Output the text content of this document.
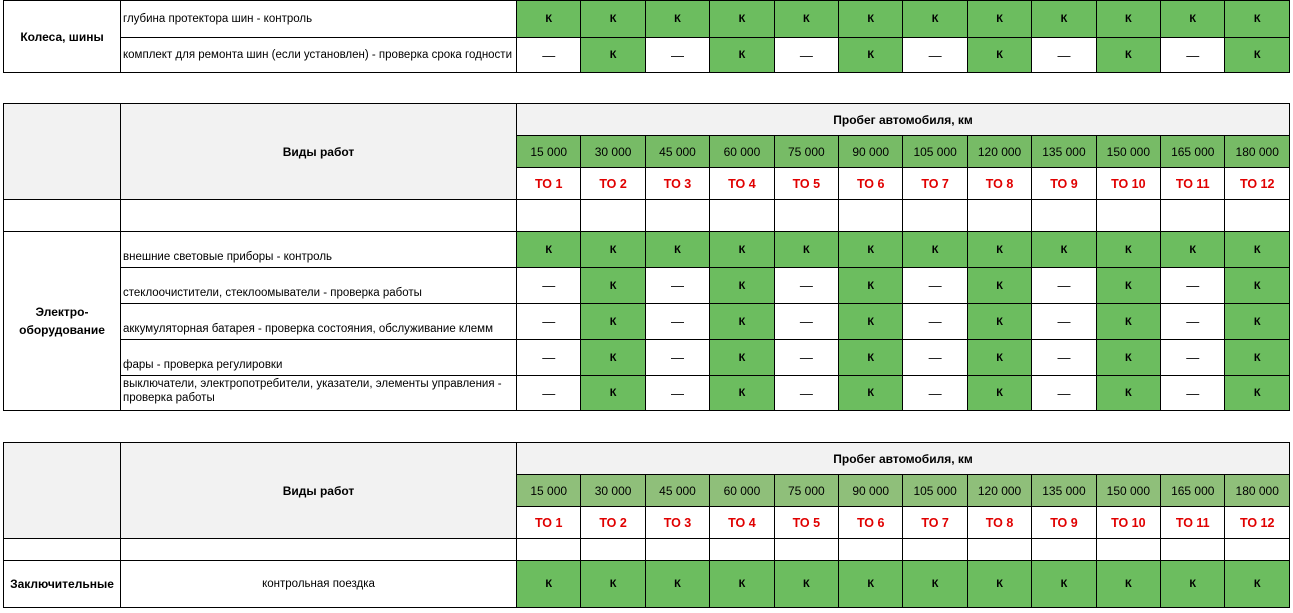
Колеса, шины	глубина протектора шин - контроль	К	К	К	К	К	К	К	К	К	К	К	К
	комплект для ремонта шин (если установлен) - проверка срока годности	—	К	—	К	—	К	—	К	—	К	—	К
	Виды работ	Пробег автомобиля, км											
		15 000	30 000	45 000	60 000	75 000	90 000	105 000	120 000	135 000	150 000	165 000	180 000
		ТО 1	ТО 2	ТО 3	ТО 4	ТО 5	ТО 6	ТО 7	ТО 8	ТО 9	ТО 10	ТО 11	ТО 12

Электро-
оборудование	внешние световые приборы - контроль	К	К	К	К	К	К	К	К	К	К	К	К
	стеклоочистители, стеклоомыватели - проверка работы	—	К	—	К	—	К	—	К	—	К	—	К
	аккумуляторная батарея - проверка состояния, обслуживание клемм	—	К	—	К	—	К	—	К	—	К	—	К
	фары - проверка регулировки	—	К	—	К	—	К	—	К	—	К	—	К
	выключатели, электропотребители, указатели, элементы управления - проверка работы	—	К	—	К	—	К	—	К	—	К	—	К
	Виды работ	Пробег автомобиля, км											
		15 000	30 000	45 000	60 000	75 000	90 000	105 000	120 000	135 000	150 000	165 000	180 000
		ТО 1	ТО 2	ТО 3	ТО 4	ТО 5	ТО 6	ТО 7	ТО 8	ТО 9	ТО 10	ТО 11	ТО 12

Заключительные	контрольная поездка	К	К	К	К	К	К	К	К	К	К	К	К
